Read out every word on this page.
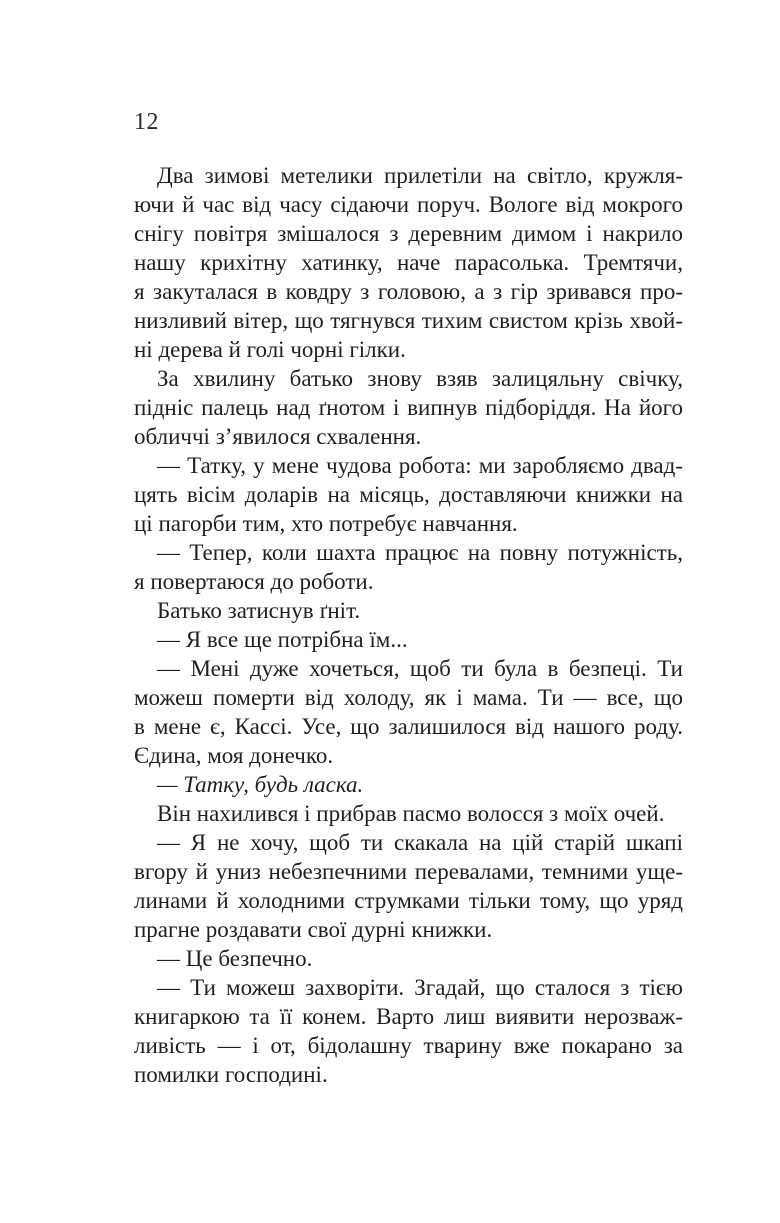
12

Два зимові метелики прилетіли на світло, кружля-
ючи й час від часу сідаючи поруч. Вологе від мокрого
снігу повітря змішалося з деревним димом і накрило
нашу крихітну хатинку, наче парасолька. Тремтячи,
я закуталася в ковдру з головою, а з гір зривався про-
низливий вітер, що тягнувся тихим свистом крізь хвой-
ні дерева й голі чорні гілки.

За хвилину батько знову взяв залицяльну свічку,
підніс палець над ґнотом і випнув підборіддя. На його
обличчі з’явилося схвалення.

— Татку, у мене чудова робота: ми заробляємо двад-
цять вісім доларів на місяць, доставляючи книжки на
ці пагорби тим, хто потребує навчання.

— Тепер, коли шахта працює на повну потужність,
я повертаюся до роботи.

Батько затиснув ґніт.

— Я все ще потрібна їм...

— Мені дуже хочеться, щоб ти була в безпеці. Ти
можеш померти від холоду, як і мама. Ти — все, що
в мене є, Кассі. Усе, що залишилося від нашого роду.
Єдина, моя донечко.

— Татку, будь ласка.

Він нахилився і прибрав пасмо волосся з моїх очей.

— Я не хочу, щоб ти скакала на цій старій шкапі
вгору й униз небезпечними перевалами, темними уще-
линами й холодними струмками тільки тому, що уряд
прагне роздавати свої дурні книжки.

— Це безпечно.

— Ти можеш захворіти. Згадай, що сталося з тією
книгаркою та її конем. Варто лиш виявити нерозваж-
ливість — і от, бідолашну тварину вже покарано за
помилки господині.
